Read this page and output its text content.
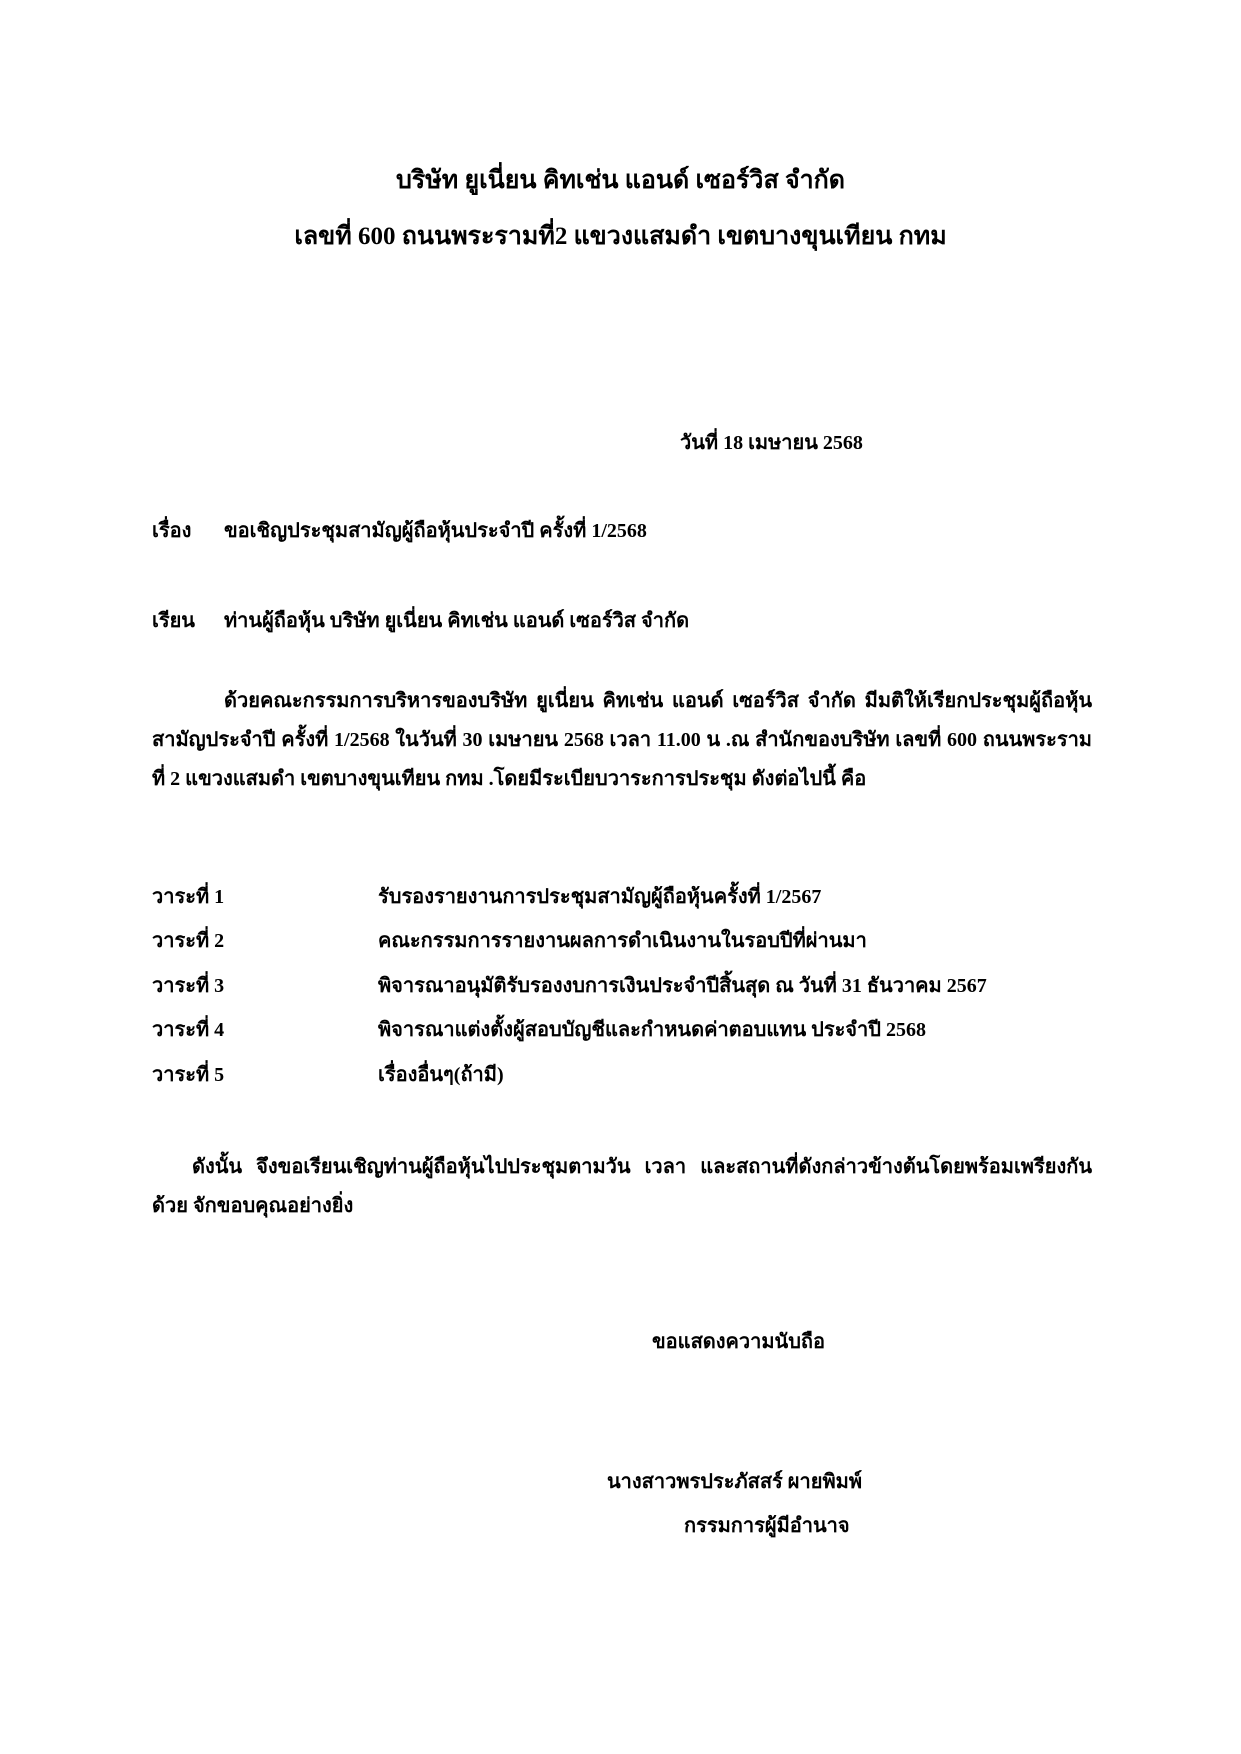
บริษัท ยูเนี่ยน คิทเช่น แอนด์ เซอร์วิส จำกัด
เลขที่ 600 ถนนพระรามที่2 แขวงแสมดำ เขตบางขุนเทียน กทม
วันที่ 18 เมษายน 2568
เรื่อง ขอเชิญประชุมสามัญผู้ถือหุ้นประจำปี ครั้งที่ 1/2568
เรียน ท่านผู้ถือหุ้น บริษัท ยูเนี่ยน คิทเช่น แอนด์ เซอร์วิส จำกัด
ด้วยคณะกรรมการบริหารของบริษัท ยูเนี่ยน คิทเช่น แอนด์ เซอร์วิส จำกัด มีมติให้เรียกประชุมผู้ถือหุ้นสามัญประจำปี ครั้งที่ 1/2568 ในวันที่ 30 เมษายน 2568 เวลา 11.00 น .ณ สำนักของบริษัท เลขที่ 600 ถนนพระรามที่ 2 แขวงแสมดำ เขตบางขุนเทียน กทม .โดยมีระเบียบวาระการประชุม ดังต่อไปนี้ คือ
วาระที่ 1	รับรองรายงานการประชุมสามัญผู้ถือหุ้นครั้งที่ 1/2567
วาระที่ 2	คณะกรรมการรายงานผลการดำเนินงานในรอบปีที่ผ่านมา
วาระที่ 3	พิจารณาอนุมัติรับรองงบการเงินประจำปีสิ้นสุด ณ วันที่ 31 ธันวาคม 2567
วาระที่ 4	พิจารณาแต่งตั้งผู้สอบบัญชีและกำหนดค่าตอบแทน ประจำปี 2568
วาระที่ 5	เรื่องอื่นๆ(ถ้ามี)
ดังนั้น จึงขอเรียนเชิญท่านผู้ถือหุ้นไปประชุมตามวัน เวลา และสถานที่ดังกล่าวข้างต้นโดยพร้อมเพรียงกันด้วย จักขอบคุณอย่างยิ่ง
ขอแสดงความนับถือ
นางสาวพรประภัสสร์ ผายพิมพ์
กรรมการผู้มีอำนาจ
